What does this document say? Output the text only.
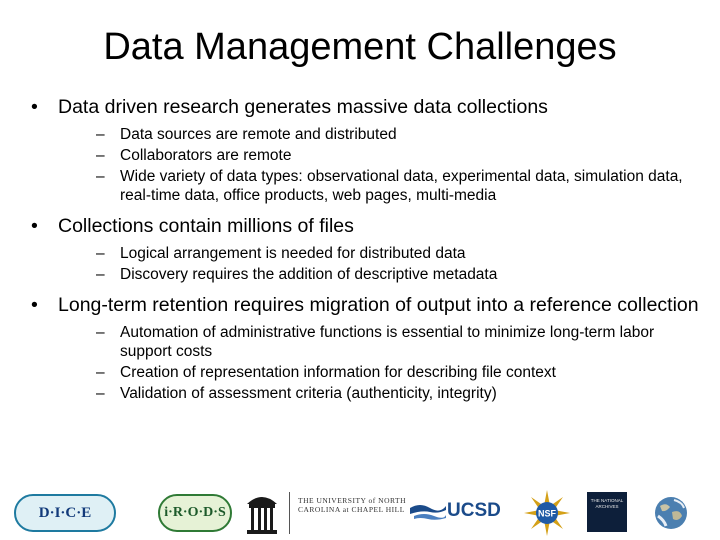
Data Management Challenges
• Data driven research generates massive data collections
– Data sources are remote and distributed
– Collaborators are remote
– Wide variety of data types: observational data, experimental data, simulation data, real-time data, office products, web pages, multi-media
• Collections contain millions of files
– Logical arrangement is needed for distributed data
– Discovery requires the addition of descriptive metadata
• Long-term retention requires migration of output into a reference collection
– Automation of administrative functions is essential to minimize long-term labor support costs
– Creation of representation information for describing file context
– Validation of assessment criteria (authenticity, integrity)
D·I·C·E	i·R·O·D·S
THE UNIVERSITY of NORTH CAROLINA at CHAPEL HILL UCSD	NSF
THE NATIONAL ARCHIVES
